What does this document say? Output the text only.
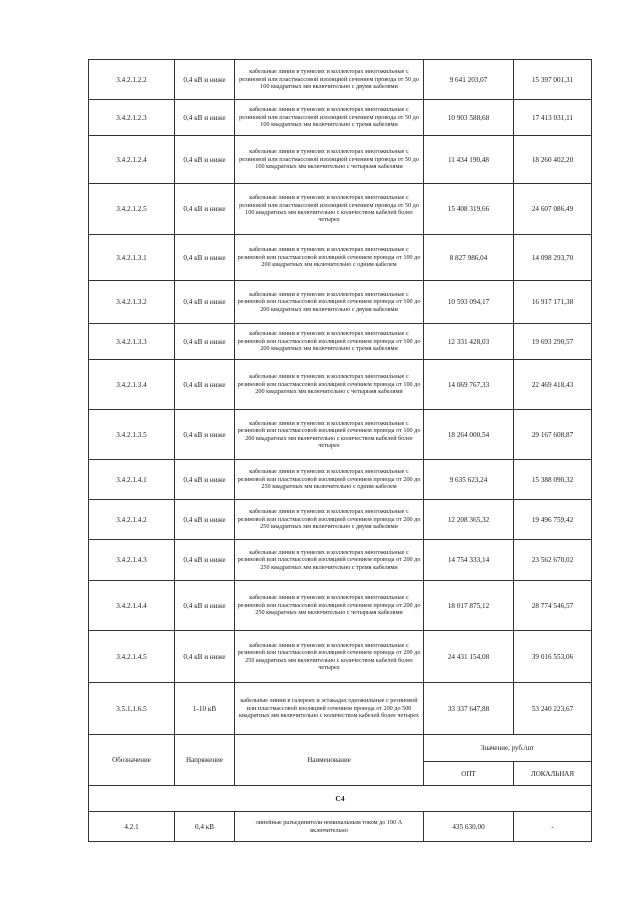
3.4.2.1.2.2	0,4 кВ и ниже	кабельные линии в туннелях и коллекторах многожильные с резиновой или пластмассовой изоляцией сечением провода от 50 до 100 квадратных мм включительно с двумя кабелями	9 641 203,07	15 397 001,31
3.4.2.1.2.3	0,4 кВ и ниже	кабельные линии в туннелях и коллекторах многожильные с резиновой или пластмассовой изоляцией сечением провода от 50 до 100 квадратных мм включительно с тремя кабелями	10 903 588,68	17 413 031,11
3.4.2.1.2.4	0,4 кВ и ниже	кабельные линии в туннелях и коллекторах многожильные с резиновой или пластмассовой изоляцией сечением провода от 50 до 100 квадратных мм включительно с четырьмя кабелями	11 434 190,48	18 260 402,20
3.4.2.1.2.5	0,4 кВ и ниже	кабельные линии в туннелях и коллекторах многожильные с резиновой или пластмассовой изоляцией сечением провода от 50 до 100 квадратных мм включительно с количеством кабелей более четырех	15 408 319,66	24 607 086,49
3.4.2.1.3.1	0,4 кВ и ниже	кабельные линии в туннелях и коллекторах многожильные с резиновой или пластмассовой изоляцией сечением провода от 100 до 200 квадратных мм включительно с одним кабелем	8 827 986,04	14 098 293,70
3.4.2.1.3.2	0,4 кВ и ниже	кабельные линии в туннелях и коллекторах многожильные с резиновой или пластмассовой изоляцией сечением провода от 100 до 200 квадратных мм включительно с двумя кабелями	10 593 094,17	16 917 171,38
3.4.2.1.3.3	0,4 кВ и ниже	кабельные линии в туннелях и коллекторах многожильные с резиновой или пластмассовой изоляцией сечением провода от 100 до 200 квадратных мм включительно с тремя кабелями	12 331 428,03	19 693 290,57
3.4.2.1.3.4	0,4 кВ и ниже	кабельные линии в туннелях и коллекторах многожильные с резиновой или пластмассовой изоляцией сечением провода от 100 до 200 квадратных мм включительно с четырьмя кабелями	14 069 767,33	22 469 418,43
3.4.2.1.3.5	0,4 кВ и ниже	кабельные линии в туннелях и коллекторах многожильные с резиновой или пластмассовой изоляцией сечением провода от 100 до 200 квадратных мм включительно с количеством кабелей более четырех	18 264 000,54	29 167 608,87
3.4.2.1.4.1	0,4 кВ и ниже	кабельные линии в туннелях и коллекторах многожильные с резиновой или пластмассовой изоляцией сечением провода от 200 до 250 квадратных мм включительно с одним кабелем	9 635 623,24	15 388 090,32
3.4.2.1.4.2	0,4 кВ и ниже	кабельные линии в туннелях и коллекторах многожильные с резиновой или пластмассовой изоляцией сечением провода от 200 до 250 квадратных мм включительно с двумя кабелями	12 208 365,32	19 496 759,42
3.4.2.1.4.3	0,4 кВ и ниже	кабельные линии в туннелях и коллекторах многожильные с резиновой или пластмассовой изоляцией сечением провода от 200 до 250 квадратных мм включительно с тремя кабелями	14 754 333,14	23 562 670,02
3.4.2.1.4.4	0,4 кВ и ниже	кабельные линии в туннелях и коллекторах многожильные с резиновой или пластмассовой изоляцией сечением провода от 200 до 250 квадратных мм включительно с четырьмя кабелями	18 017 875,12	28 774 546,57
3.4.2.1.4.5	0,4 кВ и ниже	кабельные линии в туннелях и коллекторах многожильные с резиновой или пластмассовой изоляцией сечением провода от 200 до 250 квадратных мм включительно с количеством кабелей более четырех	24 431 154,08	39 016 553,06
3.5.1.1.6.5	1-10 кВ	кабельные линии в галереях и эстакадах одножильные с резиновой или пластмассовой изоляцией сечением провода от 200 до 500 квадратных мм включительно с количеством кабелей более четырех	33 337 647,88	53 240 223,67
Обозначение	Напряжение	Наименование	Значение, руб./шт	
			ОПТ	ЛОКАЛЬНАЯ
С4				
4.2.1	0,4 кВ	линейные разъединители номинальным током до 100 А включительно	435 630,00	-
